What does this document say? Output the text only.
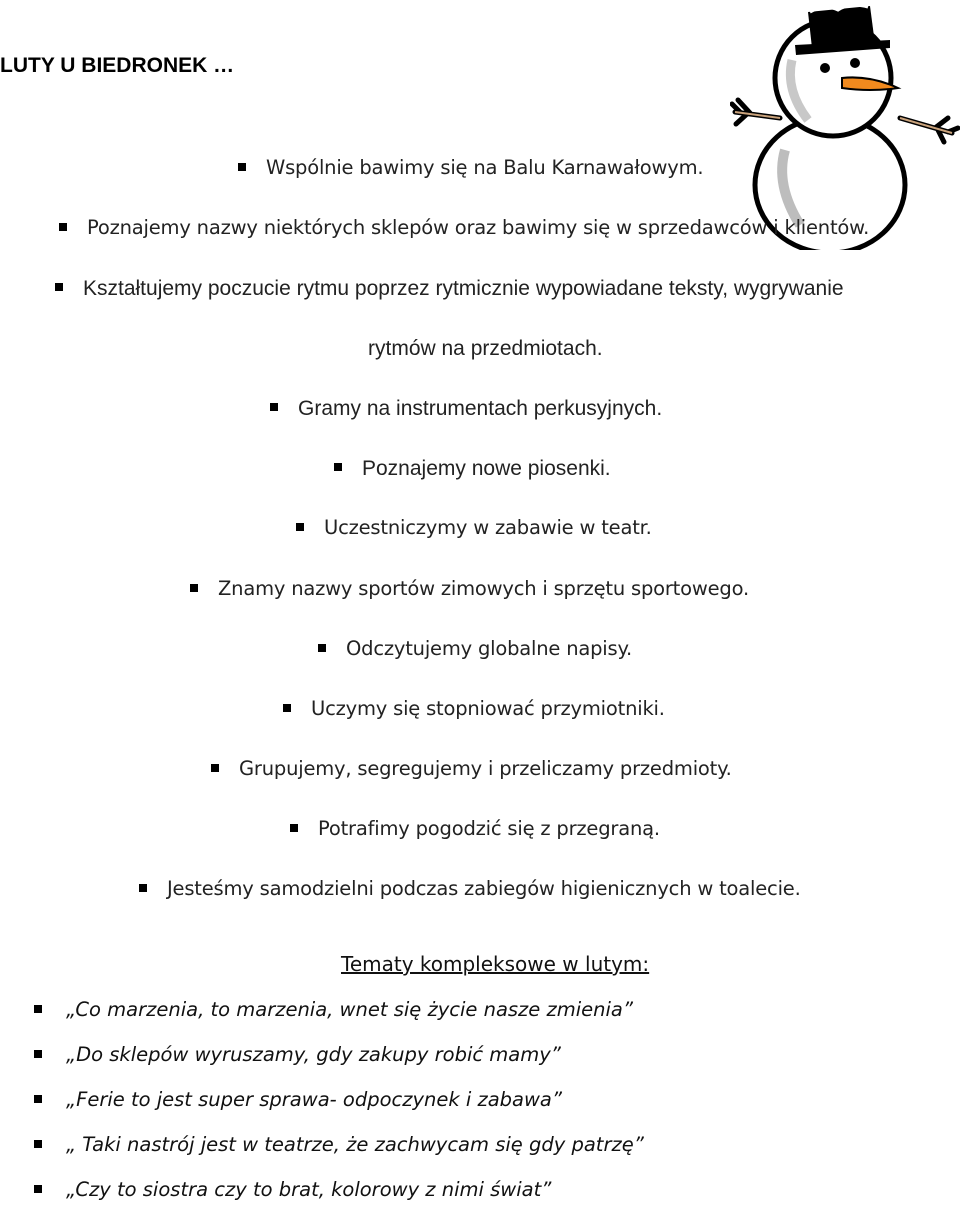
LUTY U BIEDRONEK …
Wspólnie bawimy się na Balu Karnawałowym.
Poznajemy nazwy niektórych sklepów oraz bawimy się w sprzedawców i klientów.
Kształtujemy poczucie rytmu poprzez rytmicznie wypowiadane teksty, wygrywanie
rytmów na przedmiotach.
Gramy na instrumentach perkusyjnych.
Poznajemy nowe piosenki.
Uczestniczymy w zabawie w teatr.
Znamy nazwy sportów zimowych i sprzętu sportowego.
Odczytujemy globalne napisy.
Uczymy się stopniować przymiotniki.
Grupujemy, segregujemy i przeliczamy przedmioty.
Potrafimy pogodzić się z przegraną.
Jesteśmy samodzielni podczas zabiegów higienicznych w toalecie.
Tematy kompleksowe w lutym:
„Co marzenia, to marzenia, wnet się życie nasze zmienia”
„Do sklepów wyruszamy, gdy zakupy robić mamy”
„Ferie to jest super sprawa- odpoczynek i zabawa”
„ Taki nastrój jest w teatrze, że zachwycam się gdy patrzę”
„Czy to siostra czy to brat, kolorowy z nimi świat”
